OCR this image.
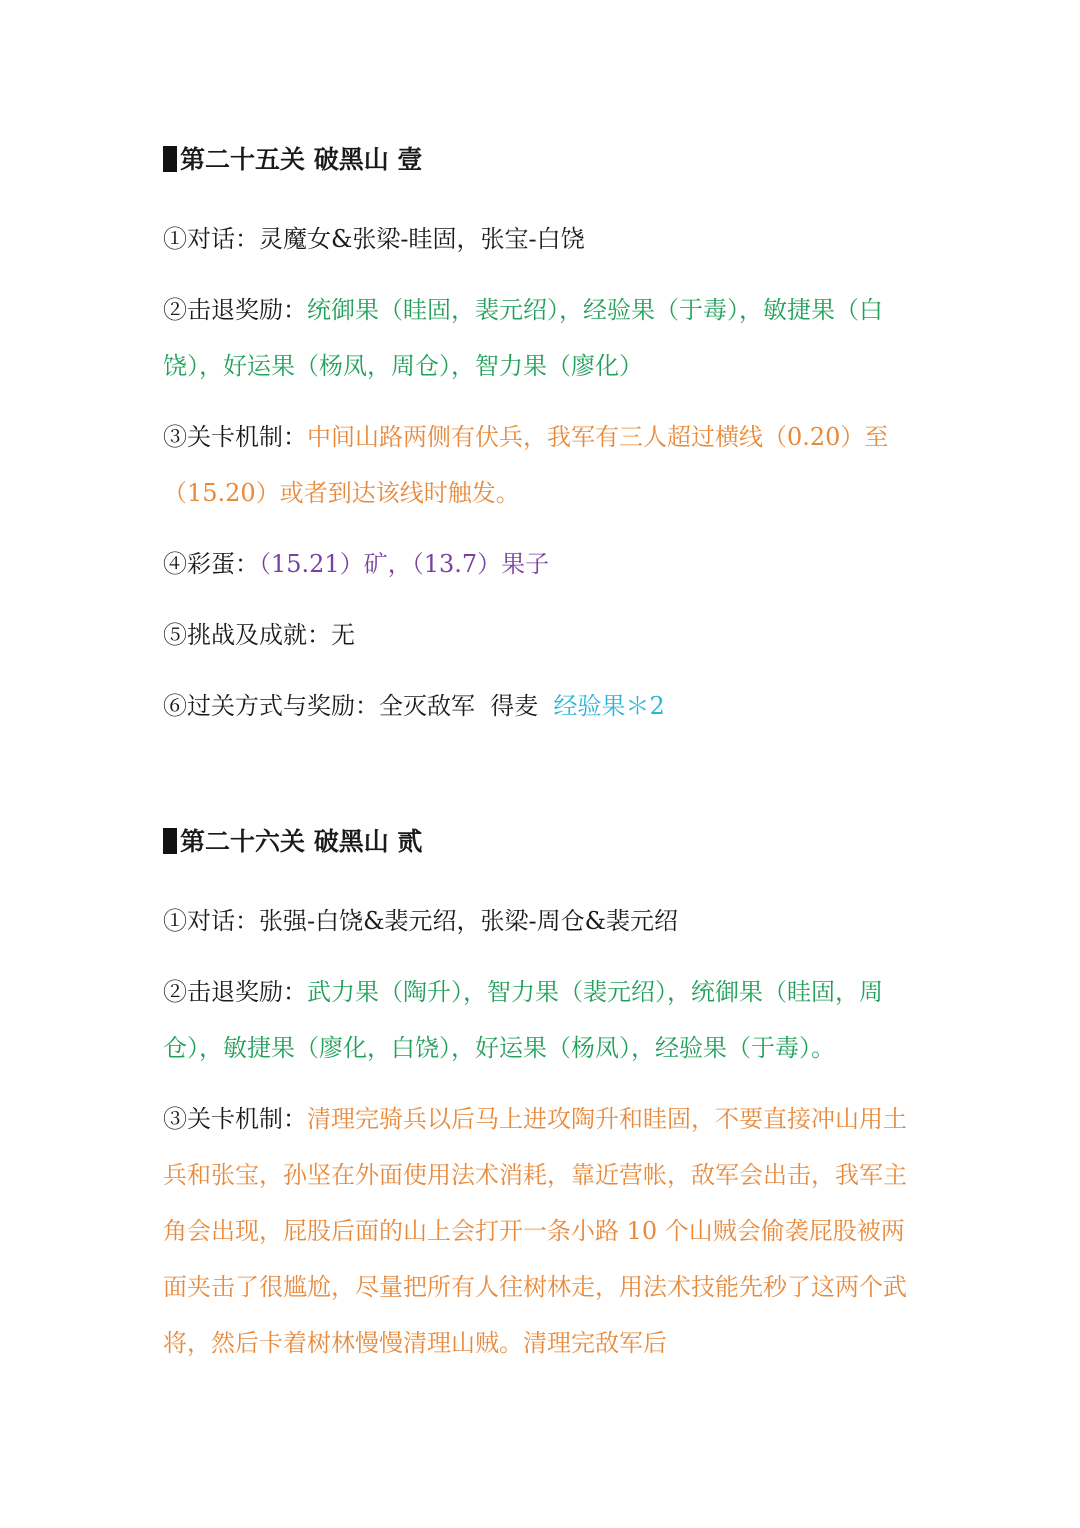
第二十五关 破黑山 壹
①对话：灵魔女&张梁-眭固，张宝-白饶
②击退奖励：统御果（眭固，裴元绍），经验果（于毒），敏捷果（白饶），好运果（杨凤，周仓），智力果（廖化）
③关卡机制：中间山路两侧有伏兵，我军有三人超过横线（0.20）至（15.20）或者到达该线时触发。
④彩蛋：（15.21）矿，（13.7）果子
⑤挑战及成就：无
⑥过关方式与奖励：全灭敌军  得麦  经验果＊2
第二十六关 破黑山 贰
①对话：张强-白饶&裴元绍，张梁-周仓&裴元绍
②击退奖励：武力果（陶升），智力果（裴元绍），统御果（眭固，周仓），敏捷果（廖化，白饶），好运果（杨凤），经验果（于毒）。
③关卡机制：清理完骑兵以后马上进攻陶升和眭固，不要直接冲山用土兵和张宝，孙坚在外面使用法术消耗，靠近营帐，敌军会出击，我军主角会出现，屁股后面的山上会打开一条小路 10 个山贼会偷袭屁股被两面夹击了很尴尬，尽量把所有人往树林走，用法术技能先秒了这两个武将，然后卡着树林慢慢清理山贼。清理完敌军后
